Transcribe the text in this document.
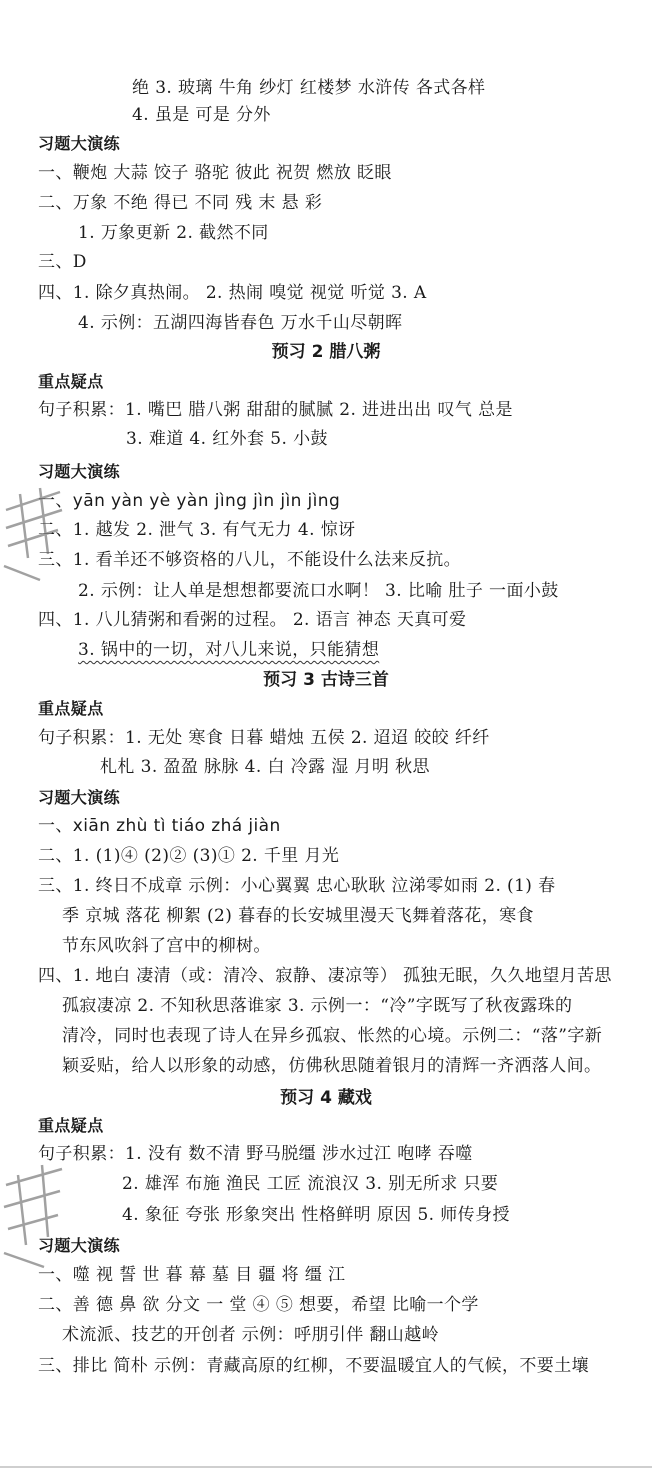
绝 3. 玻璃 牛角 纱灯 红楼梦 水浒传 各式各样
4. 虽是 可是 分外
习题大演练
一、鞭炮 大蒜 饺子 骆驼 彼此 祝贺 燃放 眨眼
二、万象 不绝 得已 不同 残 末 悬 彩
1. 万象更新 2. 截然不同
三、D
四、1. 除夕真热闹。 2. 热闹 嗅觉 视觉 听觉 3. A
4. 示例：五湖四海皆春色 万水千山尽朝晖
预习 2 腊八粥
重点疑点
句子积累：1. 嘴巴 腊八粥 甜甜的腻腻 2. 进进出出 叹气 总是
3. 难道 4. 红外套 5. 小鼓
习题大演练
一、yān yàn yè yàn jìng jìn jìn jìng
二、1. 越发 2. 泄气 3. 有气无力 4. 惊讶
三、1. 看羊还不够资格的八儿，不能设什么法来反抗。
2. 示例：让人单是想想都要流口水啊！ 3. 比喻 肚子 一面小鼓
四、1. 八儿猜粥和看粥的过程。 2. 语言 神态 天真可爱
3. 锅中的一切，对八儿来说，只能猜想
预习 3 古诗三首
重点疑点
句子积累：1. 无处 寒食 日暮 蜡烛 五侯 2. 迢迢 皎皎 纤纤
札札 3. 盈盈 脉脉 4. 白 冷露 湿 月明 秋思
习题大演练
一、xiān zhù tì tiáo zhá jiàn
二、1. (1)④ (2)② (3)① 2. 千里 月光
三、1. 终日不成章 示例：小心翼翼 忠心耿耿 泣涕零如雨 2. (1) 春
季 京城 落花 柳絮 (2) 暮春的长安城里漫天飞舞着落花，寒食
节东风吹斜了宫中的柳树。
四、1. 地白 凄清（或：清冷、寂静、凄凉等） 孤独无眠，久久地望月苦思
孤寂凄凉 2. 不知秋思落谁家 3. 示例一：“冷”字既写了秋夜露珠的
清冷，同时也表现了诗人在异乡孤寂、怅然的心境。示例二：“落”字新
颖妥贴，给人以形象的动感，仿佛秋思随着银月的清辉一齐洒落人间。
预习 4 藏戏
重点疑点
句子积累：1. 没有 数不清 野马脱缰 涉水过江 咆哮 吞噬
2. 雄浑 布施 渔民 工匠 流浪汉 3. 别无所求 只要
4. 象征 夸张 形象突出 性格鲜明 原因 5. 师传身授
习题大演练
一、噬 视 誓 世 暮 幕 墓 目 疆 将 缰 江
二、善 德 鼻 欲 分文 一 堂 ④ ⑤ 想要，希望 比喻一个学
术流派、技艺的开创者 示例：呼朋引伴 翻山越岭
三、排比 简朴 示例：青藏高原的红柳，不要温暖宜人的气候，不要土壤
